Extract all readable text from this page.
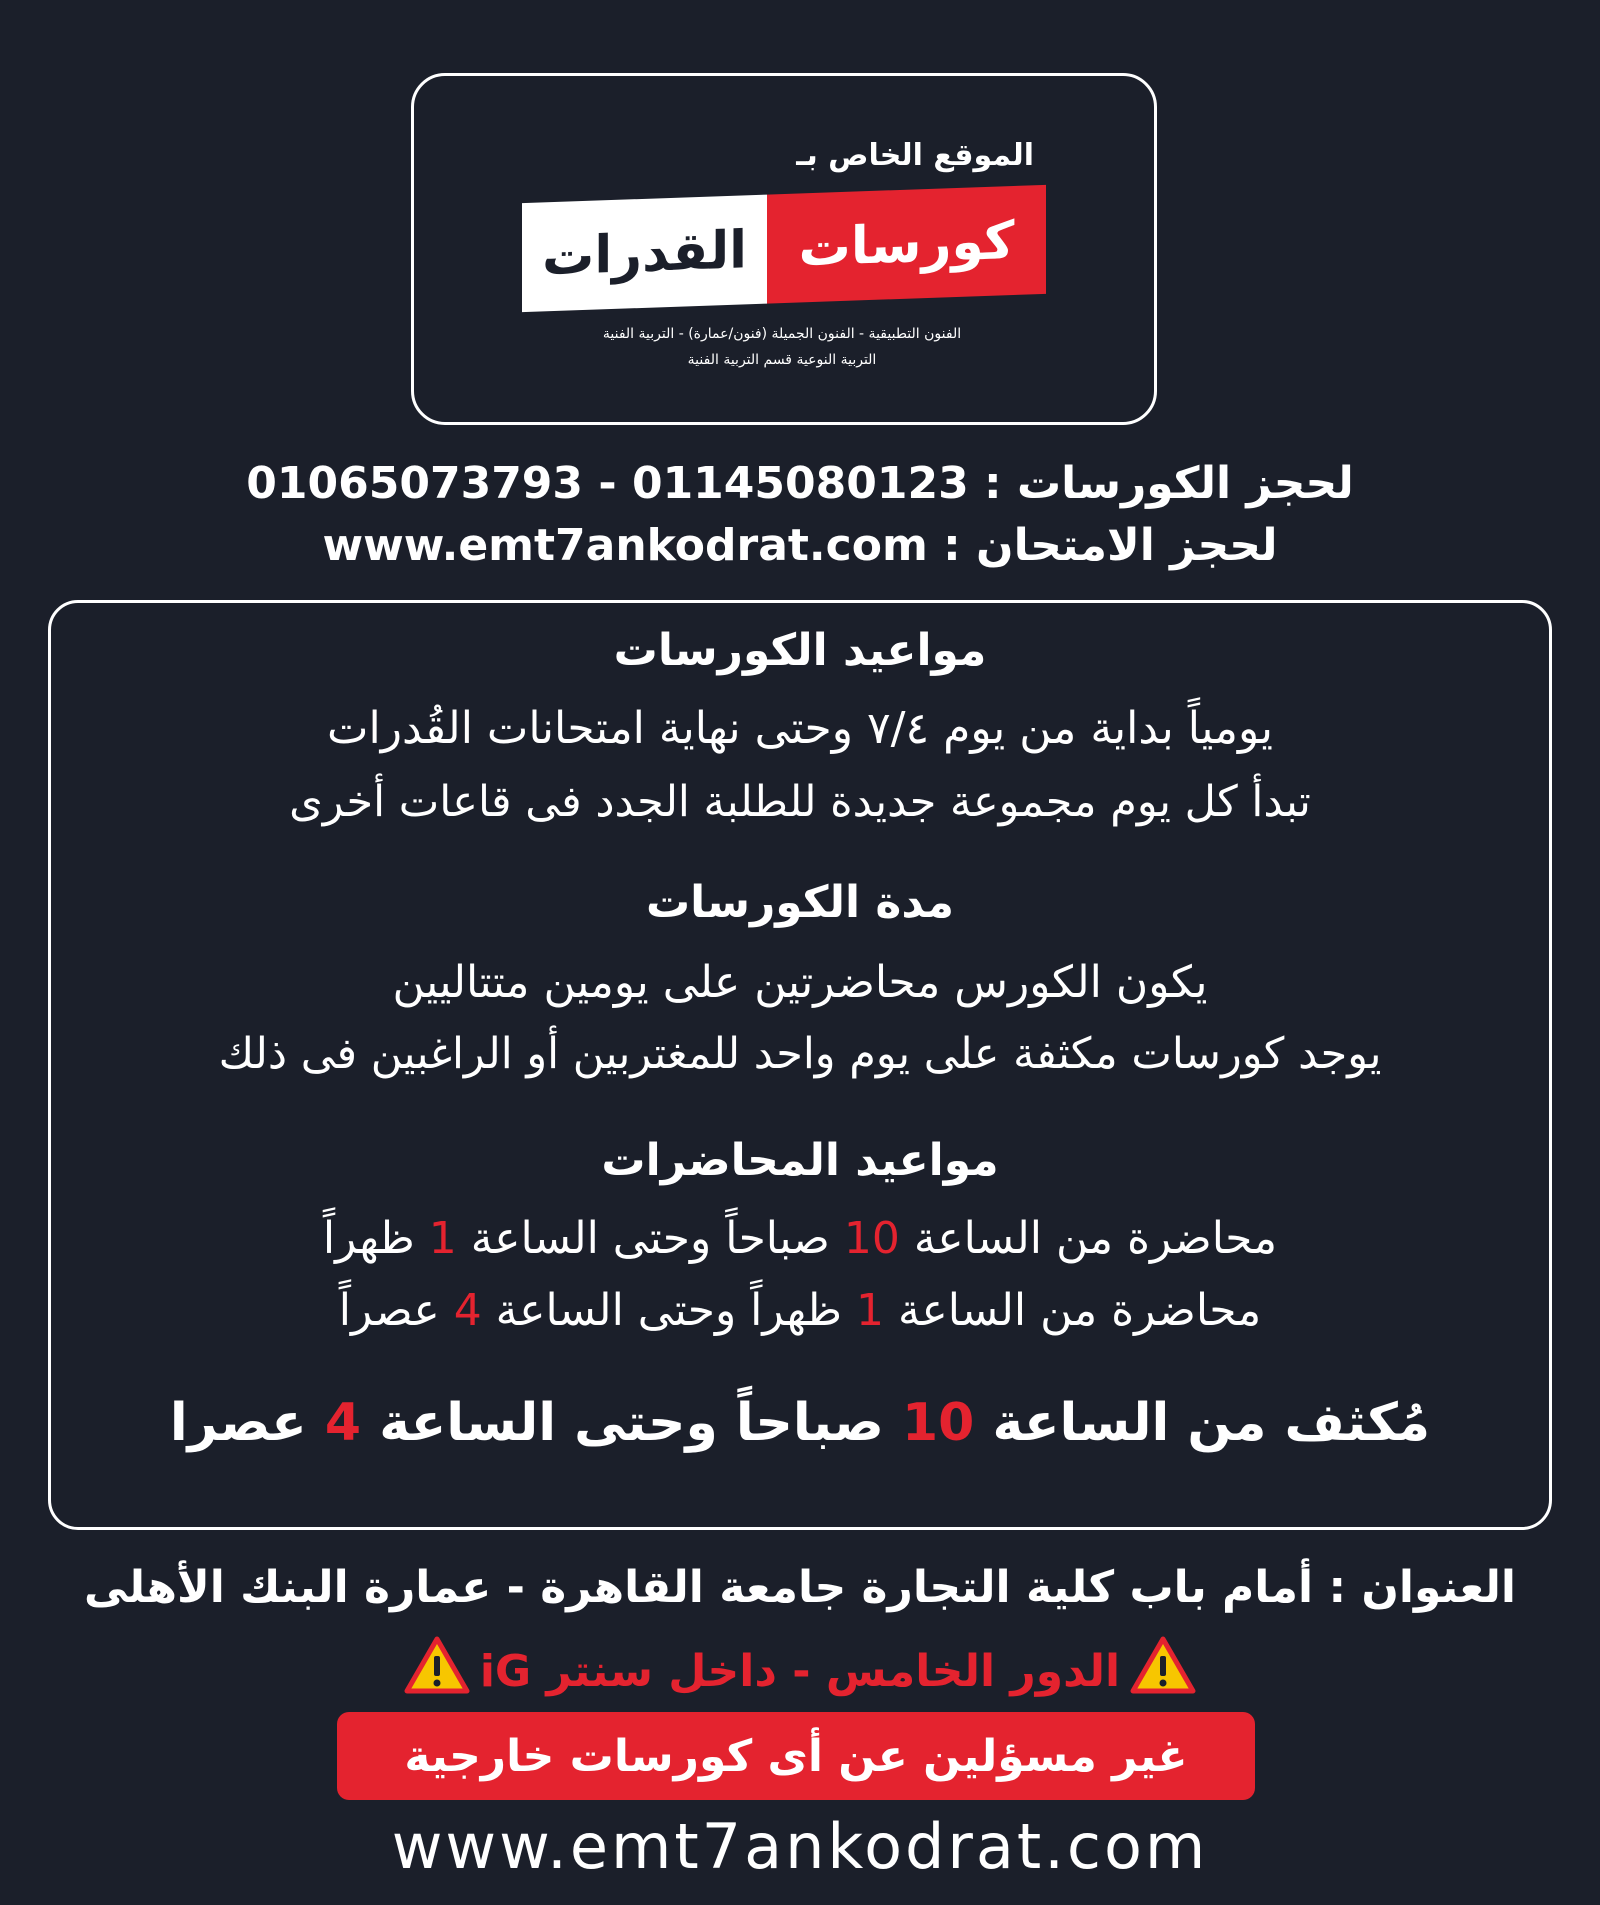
الموقع الخاص بـ
القدرات كورسات
الفنون التطبيقية - الفنون الجميلة (فنون/عمارة) - التربية الفنية
التربية النوعية قسم التربية الفنية
لحجز الكورسات : 01145080123 - 01065073793
لحجز الامتحان : www.emt7ankodrat.com
مواعيد الكورسات
يومياً بداية من يوم ٧/٤ وحتى نهاية امتحانات القُدرات
تبدأ كل يوم مجموعة جديدة للطلبة الجدد فى قاعات أخرى
مدة الكورسات
يكون الكورس محاضرتين على يومين متتاليين
يوجد كورسات مكثفة على يوم واحد للمغتربين أو الراغبين فى ذلك
مواعيد المحاضرات
محاضرة من الساعة 10 صباحاً وحتى الساعة 1 ظهراً
محاضرة من الساعة 1 ظهراً وحتى الساعة 4 عصراً
مُكثف من الساعة 10 صباحاً وحتى الساعة 4 عصرا
العنوان : أمام باب كلية التجارة جامعة القاهرة - عمارة البنك الأهلى
الدور الخامس - داخل سنتر iG
غير مسؤلين عن أى كورسات خارجية
www.emt7ankodrat.com
